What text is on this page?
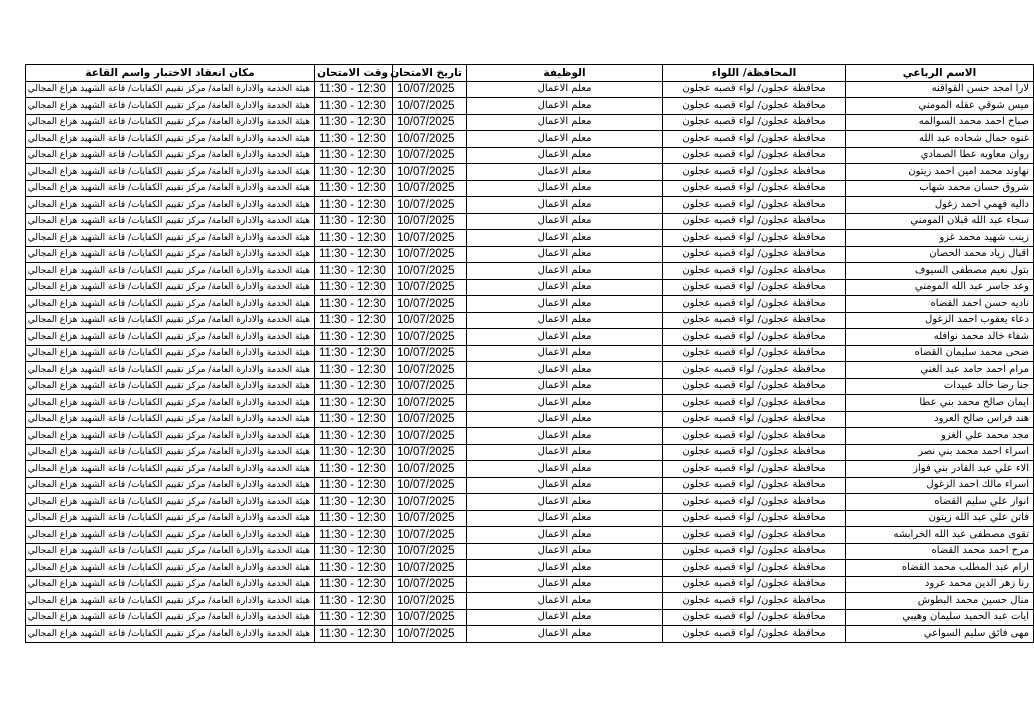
الاسم الرباعي	المحافظة/ اللواء	الوظيفة	تاريخ الامتحان	وقت الامتحان	مكان انعقاد الاختبار واسم القاعة
لارا امجد حسن القواقنه	محافظة عجلون/ لواء قصبه عجلون	معلم الاعمال	10/07/2025	11:30 - 12:30	هيئة الخدمة والادارة العامة/ مركز تقييم الكفايات/ قاعة الشهيد هزاع المجالي
ميس شوقي عقله المومني	محافظة عجلون/ لواء قصبه عجلون	معلم الاعمال	10/07/2025	11:30 - 12:30	هيئة الخدمة والادارة العامة/ مركز تقييم الكفايات/ قاعة الشهيد هزاع المجالي
صباح احمد محمد السوالمه	محافظة عجلون/ لواء قصبه عجلون	معلم الاعمال	10/07/2025	11:30 - 12:30	هيئة الخدمة والادارة العامة/ مركز تقييم الكفايات/ قاعة الشهيد هزاع المجالي
غنوه جمال شحاده عبد الله	محافظة عجلون/ لواء قصبه عجلون	معلم الاعمال	10/07/2025	11:30 - 12:30	هيئة الخدمة والادارة العامة/ مركز تقييم الكفايات/ قاعة الشهيد هزاع المجالي
روان معاويه عطا الصمادي	محافظة عجلون/ لواء قصبه عجلون	معلم الاعمال	10/07/2025	11:30 - 12:30	هيئة الخدمة والادارة العامة/ مركز تقييم الكفايات/ قاعة الشهيد هزاع المجالي
نهاوند محمد امين احمد زيتون	محافظة عجلون/ لواء قصبه عجلون	معلم الاعمال	10/07/2025	11:30 - 12:30	هيئة الخدمة والادارة العامة/ مركز تقييم الكفايات/ قاعة الشهيد هزاع المجالي
شروق حسان محمد شهاب	محافظة عجلون/ لواء قصبه عجلون	معلم الاعمال	10/07/2025	11:30 - 12:30	هيئة الخدمة والادارة العامة/ مركز تقييم الكفايات/ قاعة الشهيد هزاع المجالي
داليه فهمي احمد زغول	محافظة عجلون/ لواء قصبه عجلون	معلم الاعمال	10/07/2025	11:30 - 12:30	هيئة الخدمة والادارة العامة/ مركز تقييم الكفايات/ قاعة الشهيد هزاع المجالي
سجاء عبد الله قبلان المومني	محافظة عجلون/ لواء قصبه عجلون	معلم الاعمال	10/07/2025	11:30 - 12:30	هيئة الخدمة والادارة العامة/ مركز تقييم الكفايات/ قاعة الشهيد هزاع المجالي
زينب شهيد محمد غزو	محافظة عجلون/ لواء قصبه عجلون	معلم الاعمال	10/07/2025	11:30 - 12:30	هيئة الخدمة والادارة العامة/ مركز تقييم الكفايات/ قاعة الشهيد هزاع المجالي
اقبال زياد محمد الحصان	محافظة عجلون/ لواء قصبه عجلون	معلم الاعمال	10/07/2025	11:30 - 12:30	هيئة الخدمة والادارة العامة/ مركز تقييم الكفايات/ قاعة الشهيد هزاع المجالي
بتول نعيم مصطفى السيوف	محافظة عجلون/ لواء قصبه عجلون	معلم الاعمال	10/07/2025	11:30 - 12:30	هيئة الخدمة والادارة العامة/ مركز تقييم الكفايات/ قاعة الشهيد هزاع المجالي
وعد جاسر عبد الله المومني	محافظة عجلون/ لواء قصبه عجلون	معلم الاعمال	10/07/2025	11:30 - 12:30	هيئة الخدمة والادارة العامة/ مركز تقييم الكفايات/ قاعة الشهيد هزاع المجالي
ناديه حسن احمد القضاه	محافظة عجلون/ لواء قصبه عجلون	معلم الاعمال	10/07/2025	11:30 - 12:30	هيئة الخدمة والادارة العامة/ مركز تقييم الكفايات/ قاعة الشهيد هزاع المجالي
دعاء يعقوب احمد الزغول	محافظة عجلون/ لواء قصبه عجلون	معلم الاعمال	10/07/2025	11:30 - 12:30	هيئة الخدمة والادارة العامة/ مركز تقييم الكفايات/ قاعة الشهيد هزاع المجالي
شفاء خالد محمد نوافله	محافظة عجلون/ لواء قصبه عجلون	معلم الاعمال	10/07/2025	11:30 - 12:30	هيئة الخدمة والادارة العامة/ مركز تقييم الكفايات/ قاعة الشهيد هزاع المجالي
ضحى محمد سليمان القضاه	محافظة عجلون/ لواء قصبه عجلون	معلم الاعمال	10/07/2025	11:30 - 12:30	هيئة الخدمة والادارة العامة/ مركز تقييم الكفايات/ قاعة الشهيد هزاع المجالي
مرام احمد حامد عبد الغني	محافظة عجلون/ لواء قصبه عجلون	معلم الاعمال	10/07/2025	11:30 - 12:30	هيئة الخدمة والادارة العامة/ مركز تقييم الكفايات/ قاعة الشهيد هزاع المجالي
جنا رضا خالد عبيدات	محافظة عجلون/ لواء قصبه عجلون	معلم الاعمال	10/07/2025	11:30 - 12:30	هيئة الخدمة والادارة العامة/ مركز تقييم الكفايات/ قاعة الشهيد هزاع المجالي
ايمان صالح محمد بني عطا	محافظة عجلون/ لواء قصبه عجلون	معلم الاعمال	10/07/2025	11:30 - 12:30	هيئة الخدمة والادارة العامة/ مركز تقييم الكفايات/ قاعة الشهيد هزاع المجالي
هند فراس صالح العرود	محافظة عجلون/ لواء قصبه عجلون	معلم الاعمال	10/07/2025	11:30 - 12:30	هيئة الخدمة والادارة العامة/ مركز تقييم الكفايات/ قاعة الشهيد هزاع المجالي
مجد محمد علي الغزو	محافظة عجلون/ لواء قصبه عجلون	معلم الاعمال	10/07/2025	11:30 - 12:30	هيئة الخدمة والادارة العامة/ مركز تقييم الكفايات/ قاعة الشهيد هزاع المجالي
اسراء احمد محمد بني نصر	محافظة عجلون/ لواء قصبه عجلون	معلم الاعمال	10/07/2025	11:30 - 12:30	هيئة الخدمة والادارة العامة/ مركز تقييم الكفايات/ قاعة الشهيد هزاع المجالي
الاء علي عبد القادر بني فواز	محافظة عجلون/ لواء قصبه عجلون	معلم الاعمال	10/07/2025	11:30 - 12:30	هيئة الخدمة والادارة العامة/ مركز تقييم الكفايات/ قاعة الشهيد هزاع المجالي
اسراء مالك احمد الزغول	محافظة عجلون/ لواء قصبه عجلون	معلم الاعمال	10/07/2025	11:30 - 12:30	هيئة الخدمة والادارة العامة/ مركز تقييم الكفايات/ قاعة الشهيد هزاع المجالي
انوار علي سليم القضاه	محافظة عجلون/ لواء قصبه عجلون	معلم الاعمال	10/07/2025	11:30 - 12:30	هيئة الخدمة والادارة العامة/ مركز تقييم الكفايات/ قاعة الشهيد هزاع المجالي
فاتن علي عبد الله زيتون	محافظة عجلون/ لواء قصبه عجلون	معلم الاعمال	10/07/2025	11:30 - 12:30	هيئة الخدمة والادارة العامة/ مركز تقييم الكفايات/ قاعة الشهيد هزاع المجالي
تقوى مصطفى عبد الله الخرابشه	محافظة عجلون/ لواء قصبه عجلون	معلم الاعمال	10/07/2025	11:30 - 12:30	هيئة الخدمة والادارة العامة/ مركز تقييم الكفايات/ قاعة الشهيد هزاع المجالي
مرح احمد محمد القضاه	محافظة عجلون/ لواء قصبه عجلون	معلم الاعمال	10/07/2025	11:30 - 12:30	هيئة الخدمة والادارة العامة/ مركز تقييم الكفايات/ قاعة الشهيد هزاع المجالي
ارام عبد المطلب محمد القضاه	محافظة عجلون/ لواء قصبه عجلون	معلم الاعمال	10/07/2025	11:30 - 12:30	هيئة الخدمة والادارة العامة/ مركز تقييم الكفايات/ قاعة الشهيد هزاع المجالي
رنا زهر الدين محمد عرود	محافظة عجلون/ لواء قصبه عجلون	معلم الاعمال	10/07/2025	11:30 - 12:30	هيئة الخدمة والادارة العامة/ مركز تقييم الكفايات/ قاعة الشهيد هزاع المجالي
منال حسين محمد البطوش	محافظة عجلون/ لواء قصبه عجلون	معلم الاعمال	10/07/2025	11:30 - 12:30	هيئة الخدمة والادارة العامة/ مركز تقييم الكفايات/ قاعة الشهيد هزاع المجالي
ايات عبد الحميد سليمان وهيبي	محافظة عجلون/ لواء قصبه عجلون	معلم الاعمال	10/07/2025	11:30 - 12:30	هيئة الخدمة والادارة العامة/ مركز تقييم الكفايات/ قاعة الشهيد هزاع المجالي
مهى فائق سليم السواعي	محافظة عجلون/ لواء قصبه عجلون	معلم الاعمال	10/07/2025	11:30 - 12:30	هيئة الخدمة والادارة العامة/ مركز تقييم الكفايات/ قاعة الشهيد هزاع المجالي
